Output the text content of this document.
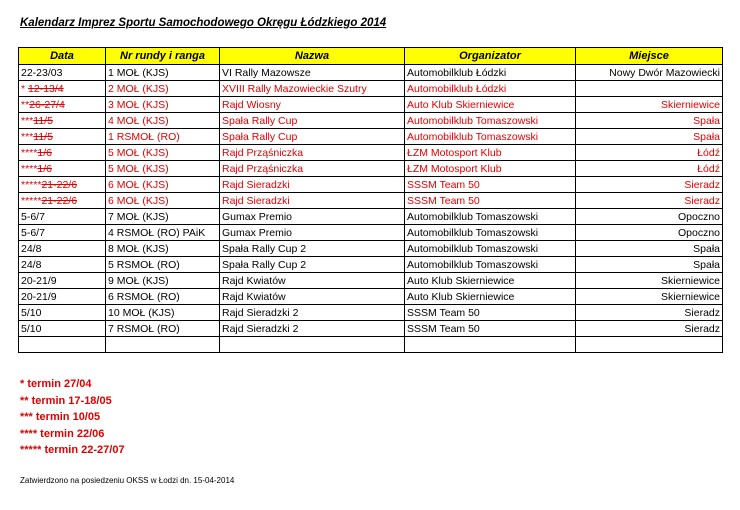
Kalendarz Imprez Sportu Samochodowego Okręgu Łódzkiego 2014
Data	Nr rundy i ranga	Nazwa	Organizator	Miejsce
22-23/03	1 MOŁ (KJS)	VI Rally Mazowsze	Automobilklub Łódzki	Nowy Dwór Mazowiecki
* 12-13/4	2 MOŁ (KJS)	XVIII Rally Mazowieckie Szutry	Automobilklub Łódzki	
**26-27/4	3 MOŁ (KJS)	Rajd Wiosny	Auto Klub Skierniewice	Skierniewice
***11/5	4 MOŁ (KJS)	Spała Rally Cup	Automobilklub Tomaszowski	Spała
***11/5	1 RSMOŁ (RO)	Spała Rally Cup	Automobilklub Tomaszowski	Spała
****1/6	5 MOŁ (KJS)	Rajd Prząśniczka	ŁZM Motosport Klub	Łódź
****1/6	5 MOŁ (KJS)	Rajd Prząśniczka	ŁZM Motosport Klub	Łódź
*****21-22/6	6 MOŁ (KJS)	Rajd Sieradzki	SSSM Team 50	Sieradz
*****21-22/6	6 MOŁ (KJS)	Rajd Sieradzki	SSSM Team 50	Sieradz
5-6/7	7 MOŁ (KJS)	Gumax Premio	Automobilklub Tomaszowski	Opoczno
5-6/7	4 RSMOŁ (RO) PAiK	Gumax Premio	Automobilklub Tomaszowski	Opoczno
24/8	8 MOŁ (KJS)	Spała Rally Cup 2	Automobilklub Tomaszowski	Spała
24/8	5 RSMOŁ (RO)	Spała Rally Cup 2	Automobilklub Tomaszowski	Spała
20-21/9	9 MOŁ (KJS)	Rajd Kwiatów	Auto Klub Skierniewice	Skierniewice
20-21/9	6 RSMOŁ (RO)	Rajd Kwiatów	Auto Klub Skierniewice	Skierniewice
5/10	10 MOŁ (KJS)	Rajd Sieradzki 2	SSSM Team 50	Sieradz
5/10	7 RSMOŁ (RO)	Rajd Sieradzki 2	SSSM Team 50	Sieradz

* termin 27/04
** termin 17-18/05
*** termin 10/05
**** termin 22/06
***** termin 22-27/07
Zatwierdzono na posiedzeniu OKSS w Łodzi dn. 15-04-2014
